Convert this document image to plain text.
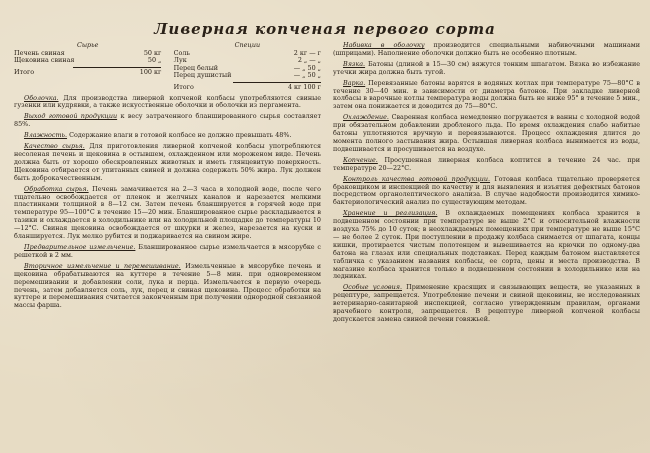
Ливерная копченая первого сорта
Сырье
Печень свиная	50 кг
Щековина свиная	50 „
Итого	100 кг
Специи
Соль	2 кг — г
Лук	2 „ — „
Перец белый	— „ 50 „
Перец душистый	— „ 50 „
Итого	4 кг 100 г

Оболочка. Для производства ливерной копченой колбасы употребляются свиные гузенки или кудрявки, а также искусственные оболочки и оболочки из пергамента.

Выход готовой продукции к весу затраченного бланшированного сырья составляет 85%.

Влажность. Содержание влаги в готовой колбасе не должно превышать 48%.

Качество сырья. Для приготовления ливерной копченой колбасы употребляются несоленая печень и щековина в остывшем, охлажденном или мороженом виде. Печень должна быть от хорошо обескровленных животных и иметь глянцевитую поверхность. Щековина отбирается от упитанных свиней и должна содержать 50% жира. Лук должен быть доброкачественным.

Обработка сырья. Печень замачивается на 2—3 часа в холодной воде, после чего тщательно освобождается от пленок и желчных каналов и нарезается мелкими пластинками толщиной в 8—12 см. Затем печень бланшируется в горячей воде при температуре 95—100°С в течение 15—20 мин. Бланшированное сырье раскладывается в тазики и охлаждается в холодильнике или на холодильной площадке до температуры 10—12°С. Свиная щековина освобождается от шкурки и желез, нарезается на куски и бланшируется. Лук мелко рубится и поджаривается на свином жире.

Предварительное измельчение. Бланшированное сырье измельчается в мясорубке с решеткой в 2 мм.

Вторичное измельчение и перемешивание. Измельченные в мясорубке печень и щековина обрабатываются на куттере в течение 5—8 мин. при одновременном перемешивании и добавлении соли, лука и перца. Измельчается в первую очередь печень, затем добавляется соль, лук, перец и свиная щековина. Процесс обработки на куттере и перемешивания считается законченным при получении однородной связанной массы фарша.

Набивка в оболочку производится специальными набивочными машинами (шприцами). Наполнение оболочки должно быть не особенно плотным.

Вязка. Батоны (длиной в 15—30 см) вяжутся тонким шпагатом. Вязка во избежание утечки жира должна быть тугой.

Варка. Перевязанные батоны варятся в водяных котлах при температуре 75—80°С в течение 30—40 мин. в зависимости от диаметра батонов. При закладке ливерной колбасы в варочные котлы температура воды должна быть не ниже 95° в течение 5 мин., затем она понижается и доводится до 75—80°С.

Охлаждение. Сваренная колбаса немедленно погружается в ванны с холодной водой при обязательном добавлении дробленого льда. По время охлаждения слабо набитые батоны уплотняются вручную и перевязываются. Процесс охлаждения длится до момента полного застывания жира. Остывшая ливерная колбаса вынимается из воды, подвешивается и просушивается на воздухе.

Копчение. Просушенная ливерная колбаса коптится в течение 24 час. при температуре 20—22°С.

Контроль качества готовой продукции. Готовая колбаса тщательно проверяется браковщиком и инспекцией по качеству и для выявления и изъятия дефектных батонов посредством органолептического анализа. В случае надобности производится химико-бактериологический анализ по существующим методам.

Хранение и реализация. В охлаждаемых помещениях колбаса хранится в подвешенном состоянии при температуре не выше 2°С и относительной влажности воздуха 75% до 10 суток; в неохлаждаемых помещениях при температуре не выше 15°С — не более 2 суток. При поступлении в продажу колбаса снимается от шпагата, концы кишки, протирается чистым полотенцем и вывешивается на крючки по одному-два батона на глазах или специальных подставках. Перед каждым батоном выставляется табличка с указанием названия колбасы, ее сорта, цены и места производства. В магазине колбаса хранится только в подвешенном состоянии в холодильнике или на ледниках.

Особые условия. Применение красящих и связывающих веществ, не указанных в рецептуре, запрещается. Употребление печени и свиной щековины, не исследованных ветеринарно-санитарной инспекцией, согласно утвержденным правилам, органами врачебного контроля, запрещается. В рецептуре ливерной копченой колбасы допускается замена свиной печени говяжьей.
